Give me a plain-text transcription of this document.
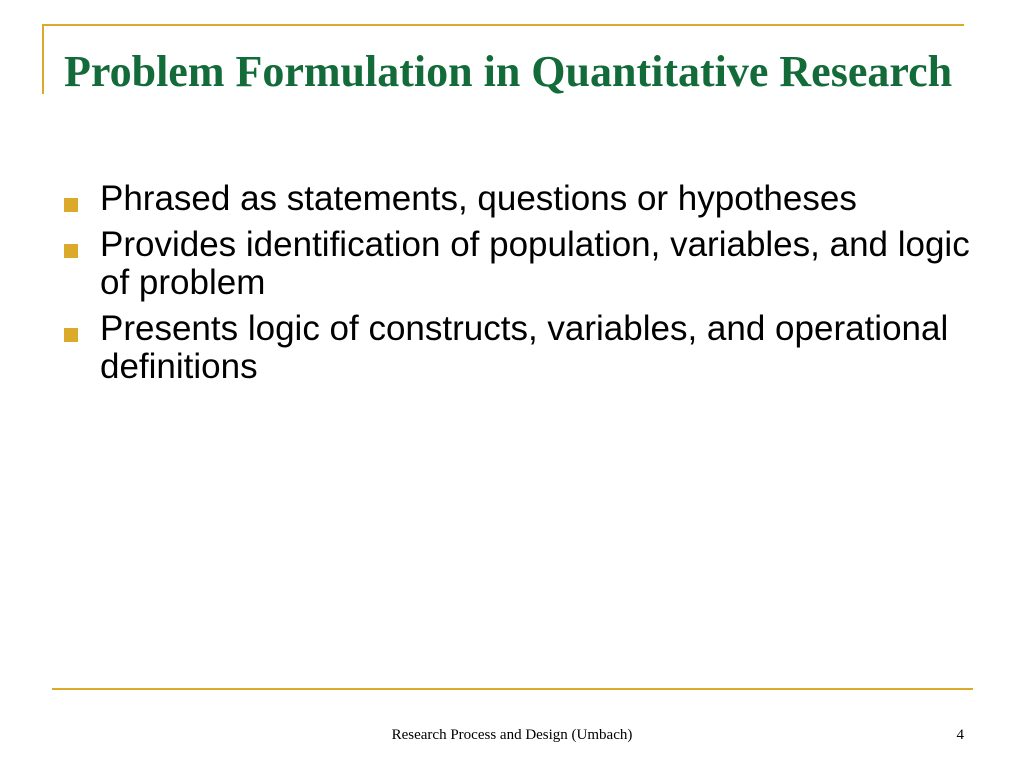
Problem Formulation in Quantitative Research
Phrased as statements, questions or hypotheses
Provides identification of population, variables, and logic of problem
Presents logic of constructs, variables, and operational definitions
Research Process and Design (Umbach)	4
